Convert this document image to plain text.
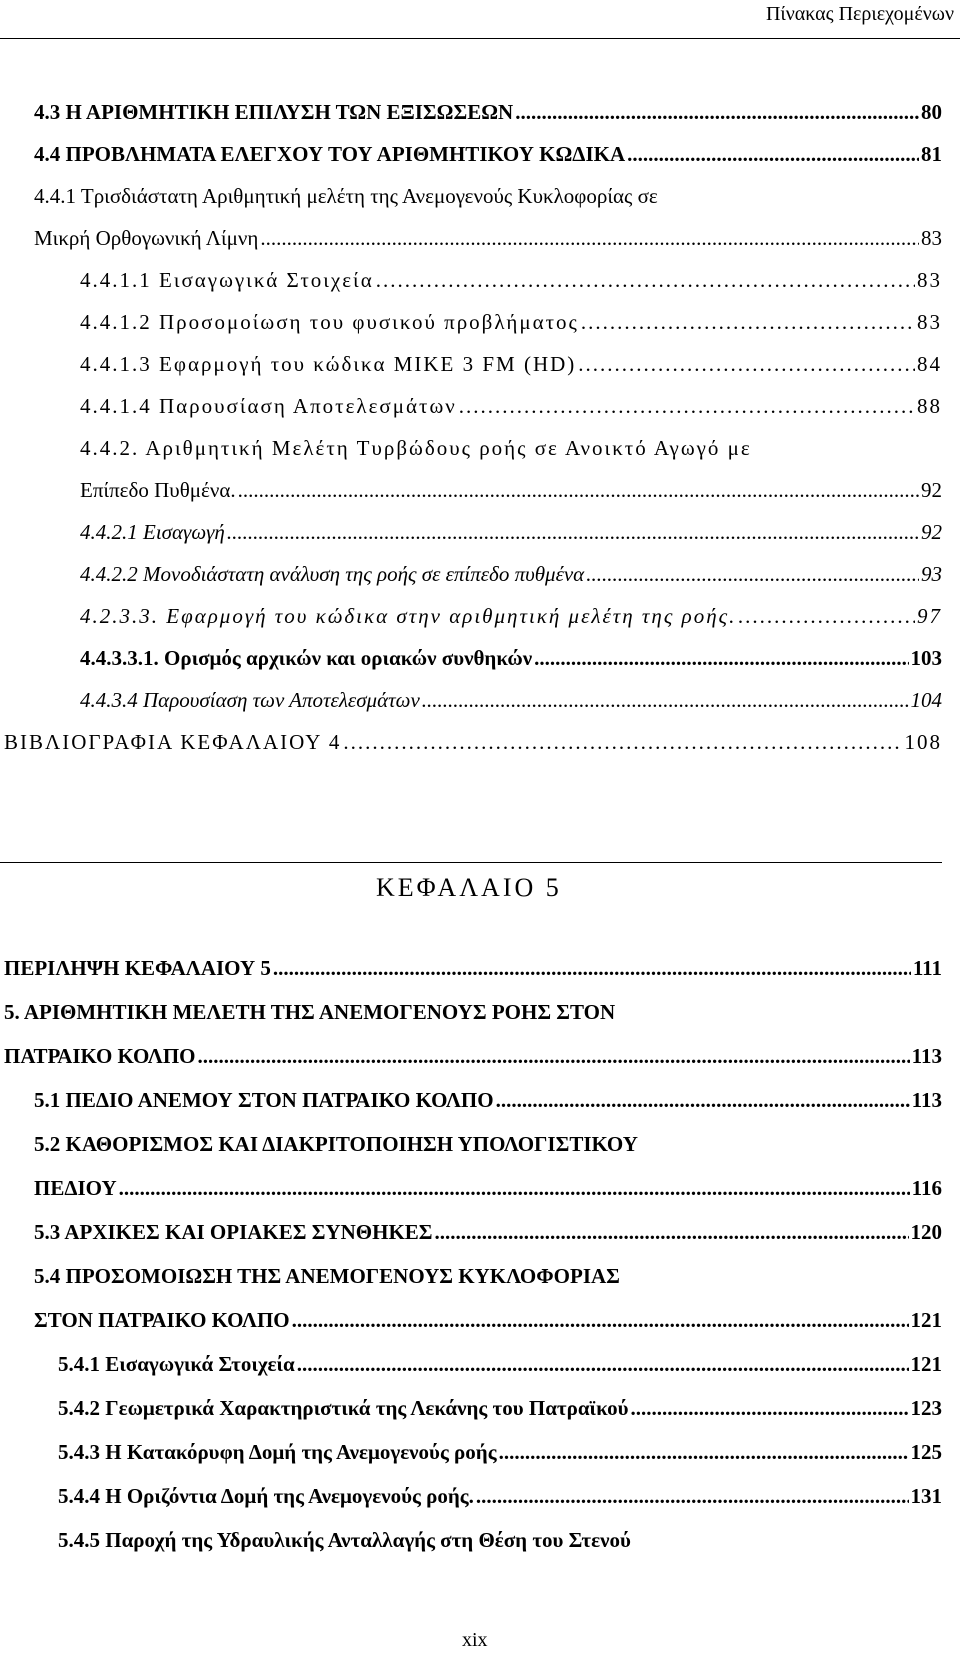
Πίνακας Περιεχομένων
4.3 Η ΑΡΙΘΜΗΤΙΚΗ ΕΠΙΛΥΣΗ ΤΩΝ ΕΞΙΣΩΣΕΩΝ .....	80
4.4 ΠΡΟΒΛΗΜΑΤΑ ΕΛΕΓΧΟΥ ΤΟΥ ΑΡΙΘΜΗΤΙΚΟΥ ΚΩΔΙΚΑ .....	81
4.4.1 Τρισδιάστατη Αριθμητική μελέτη της Ανεμογενούς Κυκλοφορίας σε
Μικρή Ορθογωνική Λίμνη .....	83
4.4.1.1 Εισαγωγικά Στοιχεία .....	83
4.4.1.2 Προσομοίωση του φυσικού προβλήματος .....	83
4.4.1.3 Εφαρμογή του κώδικα MIKE 3 FM (HD) .....	84
4.4.1.4 Παρουσίαση Αποτελεσμάτων .....	88
4.4.2. Αριθμητική Μελέτη Τυρβώδους ροής σε Ανοικτό Αγωγό με
Επίπεδο Πυθμένα. .....	92
4.4.2.1 Εισαγωγή .....	92
4.4.2.2 Μονοδιάστατη ανάλυση της ροής σε επίπεδο πυθμένα .....	93
4.2.3.3. Εφαρμογή του κώδικα στην αριθμητική μελέτη της ροής. .....	97
4.4.3.3.1. Ορισμός αρχικών και οριακών συνθηκών .....	103
4.4.3.4 Παρουσίαση των Αποτελεσμάτων .....	104
ΒΙΒΛΙΟΓΡΑΦΙΑ ΚΕΦΑΛΑΙΟΥ 4 .....	108
ΚΕΦΑΛΑΙΟ 5
ΠΕΡΙΛΗΨΗ ΚΕΦΑΛΑΙΟΥ 5 .....	111
5. ΑΡΙΘΜΗΤΙΚΗ ΜΕΛΕΤΗ ΤΗΣ ΑΝΕΜΟΓΕΝΟΥΣ ΡΟΗΣ ΣΤΟΝ
ΠΑΤΡΑΙΚΟ ΚΟΛΠΟ .....	113
5.1 ΠΕΔΙΟ ΑΝΕΜΟΥ ΣΤΟΝ ΠΑΤΡΑΙΚΟ ΚΟΛΠΟ .....	113
5.2 ΚΑΘΟΡΙΣΜΟΣ ΚΑΙ ΔΙΑΚΡΙΤΟΠΟΙΗΣΗ ΥΠΟΛΟΓΙΣΤΙΚΟΥ
ΠΕΔΙΟΥ .....	116
5.3 ΑΡΧΙΚΕΣ ΚΑΙ ΟΡΙΑΚΕΣ ΣΥΝΘΗΚΕΣ .....	120
5.4 ΠΡΟΣΟΜΟΙΩΣΗ ΤΗΣ ΑΝΕΜΟΓΕΝΟΥΣ ΚΥΚΛΟΦΟΡΙΑΣ
ΣΤΟΝ ΠΑΤΡΑΙΚΟ ΚΟΛΠΟ .....	121
5.4.1 Εισαγωγικά Στοιχεία .....	121
5.4.2 Γεωμετρικά Χαρακτηριστικά της Λεκάνης του Πατραϊκού .....	123
5.4.3 Η Κατακόρυφη Δομή της Ανεμογενούς ροής .....	125
5.4.4 Η Οριζόντια Δομή της Ανεμογενούς ροής. .....	131
5.4.5 Παροχή της Υδραυλικής Ανταλλαγής στη Θέση του Στενού
xix
